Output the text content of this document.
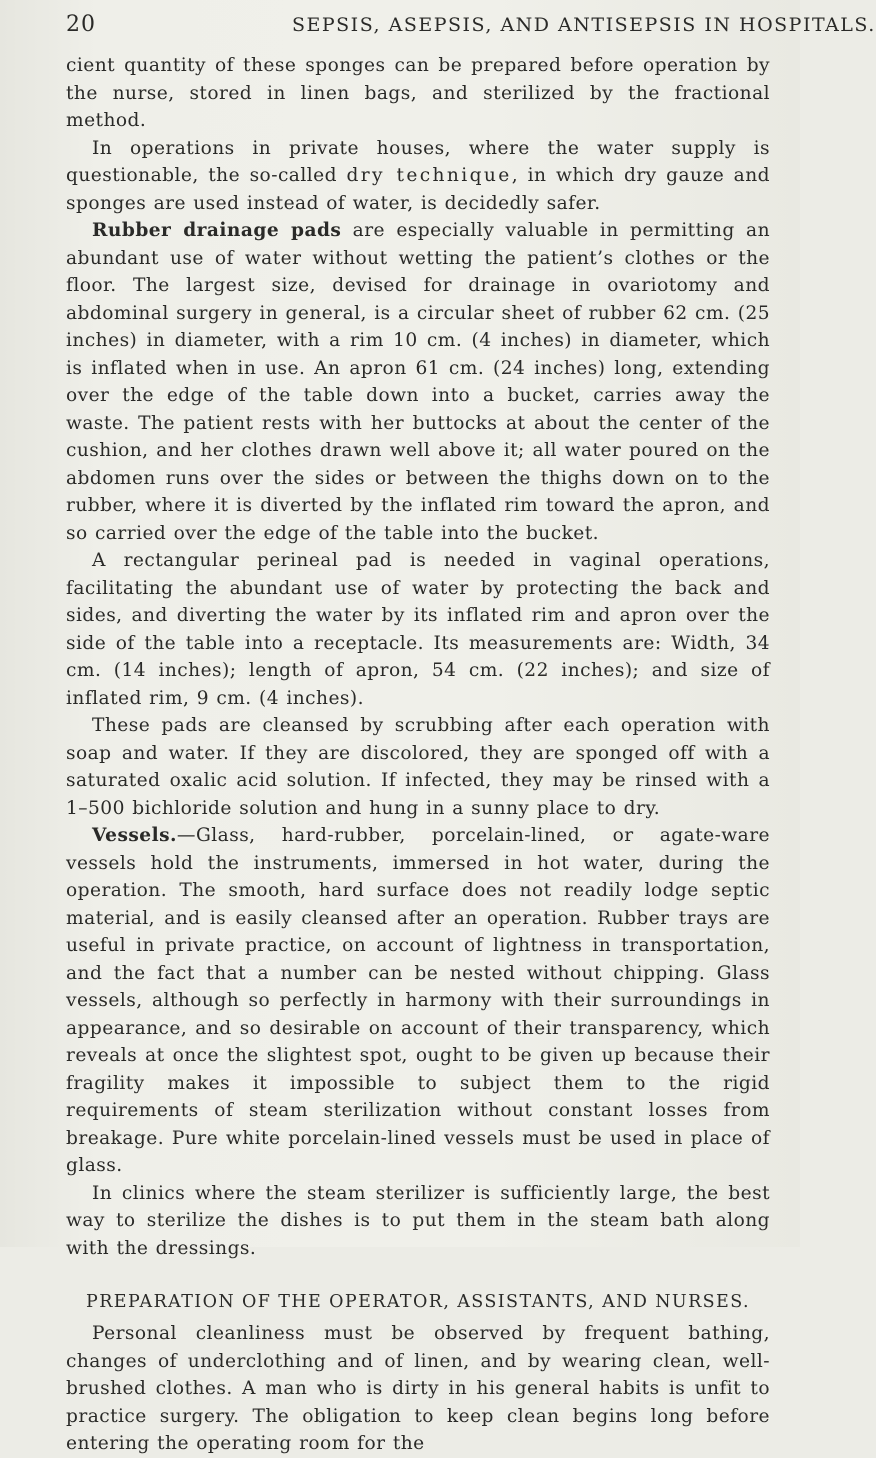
20	SEPSIS, ASEPSIS, AND ANTISEPSIS IN HOSPITALS.

cient quantity of these sponges can be prepared before operation by the nurse, stored in linen bags, and sterilized by the fractional method.

In operations in private houses, where the water supply is questionable, the so-called dry technique, in which dry gauze and sponges are used instead of water, is decidedly safer.

Rubber drainage pads are especially valuable in permitting an abundant use of water without wetting the patient’s clothes or the floor. The largest size, devised for drainage in ovariotomy and abdominal surgery in general, is a circular sheet of rubber 62 cm. (25 inches) in diameter, with a rim 10 cm. (4 inches) in diameter, which is inflated when in use. An apron 61 cm. (24 inches) long, extending over the edge of the table down into a bucket, carries away the waste. The patient rests with her buttocks at about the center of the cushion, and her clothes drawn well above it; all water poured on the abdomen runs over the sides or between the thighs down on to the rubber, where it is diverted by the inflated rim toward the apron, and so carried over the edge of the table into the bucket.

A rectangular perineal pad is needed in vaginal operations, facilitating the abundant use of water by protecting the back and sides, and diverting the water by its inflated rim and apron over the side of the table into a receptacle. Its measurements are: Width, 34 cm. (14 inches); length of apron, 54 cm. (22 inches); and size of inflated rim, 9 cm. (4 inches).

These pads are cleansed by scrubbing after each operation with soap and water. If they are discolored, they are sponged off with a saturated oxalic acid solution. If infected, they may be rinsed with a 1–500 bichloride solution and hung in a sunny place to dry.

Vessels.—Glass, hard-rubber, porcelain-lined, or agate-ware vessels hold the instruments, immersed in hot water, during the operation. The smooth, hard surface does not readily lodge septic material, and is easily cleansed after an operation. Rubber trays are useful in private practice, on account of lightness in transportation, and the fact that a number can be nested without chipping. Glass vessels, although so perfectly in harmony with their surroundings in appearance, and so desirable on account of their transparency, which reveals at once the slightest spot, ought to be given up because their fragility makes it impossible to subject them to the rigid requirements of steam sterilization without constant losses from breakage. Pure white porcelain-lined vessels must be used in place of glass.

In clinics where the steam sterilizer is sufficiently large, the best way to sterilize the dishes is to put them in the steam bath along with the dressings.

PREPARATION OF THE OPERATOR, ASSISTANTS, AND NURSES.

Personal cleanliness must be observed by frequent bathing, changes of underclothing and of linen, and by wearing clean, well-brushed clothes. A man who is dirty in his general habits is unfit to practice surgery. The obligation to keep clean begins long before entering the operating room for the
